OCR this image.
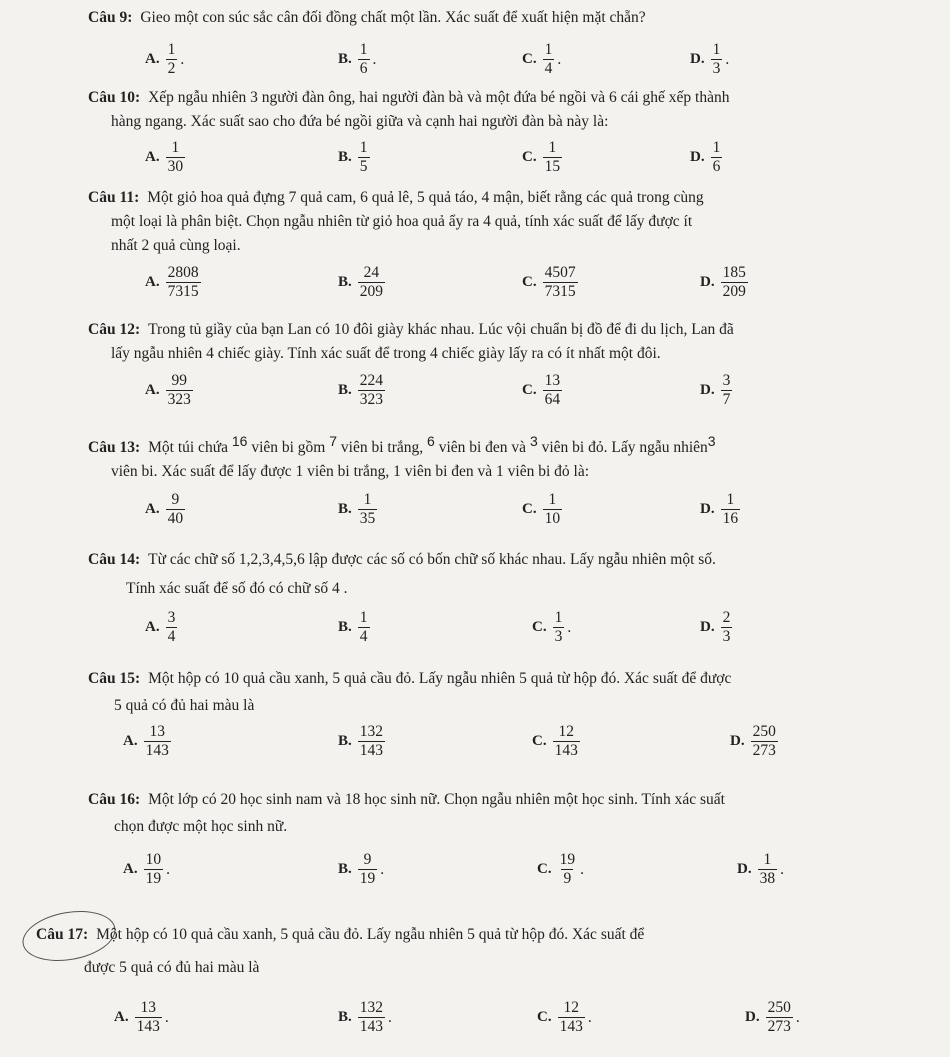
Câu 9: Gieo một con súc sắc cân đối đồng chất một lần. Xác suất để xuất hiện mặt chẵn?
A. $\frac{1}{2}$ .	B. $\frac{1}{6}$ .	C. $\frac{1}{4}$ .	D. $\frac{1}{3}$ .
Câu 10: Xếp ngẫu nhiên 3 người đàn ông, hai người đàn bà và một đứa bé ngồi và 6 cái ghế xếp thành
hàng ngang. Xác suất sao cho đứa bé ngồi giữa và cạnh hai người đàn bà này là:
A. $\frac{1}{30}$	B. $\frac{1}{5}$	C. $\frac{1}{15}$	D. $\frac{1}{6}$
Câu 11: Một giỏ hoa quả đựng 7 quả cam, 6 quả lê, 5 quả táo, 4 mận, biết rằng các quả trong cùng
một loại là phân biệt. Chọn ngẫu nhiên từ giỏ hoa quả ẩy ra 4 quả, tính xác suất để lấy được ít
nhất 2 quả cùng loại.
A. $\frac{2808}{7315}$	B. $\frac{24}{209}$	C. $\frac{4507}{7315}$	D. $\frac{185}{209}$
Câu 12: Trong tủ giầy của bạn Lan có 10 đôi giày khác nhau. Lúc vội chuẩn bị đồ để đi du lịch, Lan đã
lấy ngẫu nhiên 4 chiếc giày. Tính xác suất để trong 4 chiếc giày lấy ra có ít nhất một đôi.
A. $\frac{99}{323}$	B. $\frac{224}{323}$	C. $\frac{13}{64}$	D. $\frac{3}{7}$
Câu 13: Một túi chứa 16 viên bi gồm 7 viên bi trắng, 6 viên bi đen và 3 viên bi đỏ. Lấy ngẫu nhiên3
viên bi. Xác suất để lấy được 1 viên bi trắng, 1 viên bi đen và 1 viên bi đỏ là:
A. $\frac{9}{40}$	B. $\frac{1}{35}$	C. $\frac{1}{10}$	D. $\frac{1}{16}$
Câu 14: Từ các chữ số 1,2,3,4,5,6 lập được các số có bốn chữ số khác nhau. Lấy ngẫu nhiên một số.
Tính xác suất để số đó có chữ số 4 .
A. $\frac{3}{4}$	B. $\frac{1}{4}$	C. $\frac{1}{3}$ .	D. $\frac{2}{3}$
Câu 15: Một hộp có 10 quả cầu xanh, 5 quả cầu đỏ. Lấy ngẫu nhiên 5 quả từ hộp đó. Xác suất để được
5 quả có đủ hai màu là
A. $\frac{13}{143}$	B. $\frac{132}{143}$	C. $\frac{12}{143}$	D. $\frac{250}{273}$
Câu 16: Một lớp có 20 học sinh nam và 18 học sinh nữ. Chọn ngẫu nhiên một học sinh. Tính xác suất
chọn được một học sinh nữ.
A. $\frac{10}{19}$ .	B. $\frac{9}{19}$ .	C. $\frac{19}{9}$ .	D. $\frac{1}{38}$ .
Câu 17: Một hộp có 10 quả cầu xanh, 5 quả cầu đỏ. Lấy ngẫu nhiên 5 quả từ hộp đó. Xác suất để
được 5 quả có đủ hai màu là
A. $\frac{13}{143}$ .	B. $\frac{132}{143}$ .	C. $\frac{12}{143}$ .	D. $\frac{250}{273}$ .
